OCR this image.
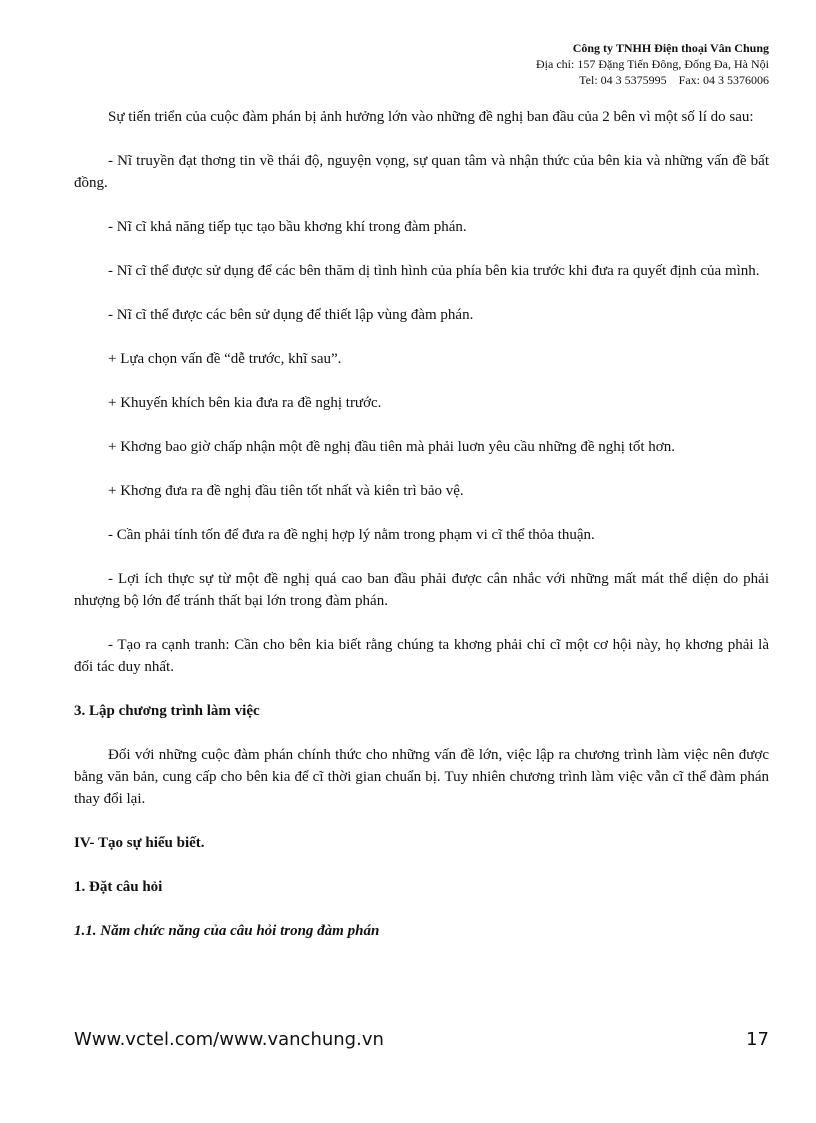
Công ty TNHH Điện thoại Vân Chung
Địa chỉ: 157 Đặng Tiến Đông, Đống Đa, Hà Nội
Tel: 04 3 5375995    Fax: 04 3 5376006

Sự tiến triển của cuộc đàm phán bị ảnh hưởng lớn vào những đề nghị ban đầu của 2 bên vì một số lí do sau:

- Nĩ truyền đạt thơng tin về thái độ, nguyện vọng, sự quan tâm và nhận thức của bên kia và những vấn đề bất đồng.

- Nĩ cĩ khả năng tiếp tục tạo bầu khơng khí trong đàm phán.

- Nĩ cĩ thể được sử dụng để các bên thăm dị tình hình của phía bên kia trước khi đưa ra quyết định của mình.

- Nĩ cĩ thể được các bên sử dụng để thiết lập vùng đàm phán.

+ Lựa chọn vấn đề “dễ trước, khĩ sau”.

+ Khuyến khích bên kia đưa ra đề nghị trước.

+ Khơng bao giờ chấp nhận một đề nghị đầu tiên mà phải luơn yêu cầu những đề nghị tốt hơn.

+ Khơng đưa ra đề nghị đầu tiên tốt nhất và kiên trì bảo vệ.

- Cần phải tính tốn để đưa ra đề nghị hợp lý nằm trong phạm vi cĩ thể thỏa thuận.

- Lợi ích thực sự từ một đề nghị quá cao ban đầu phải được cân nhắc với những mất mát thể diện do phải nhượng bộ lớn để tránh thất bại lớn trong đàm phán.

- Tạo ra cạnh tranh: Cần cho bên kia biết rằng chúng ta khơng phải chỉ cĩ một cơ hội này, họ khơng phải là đối tác duy nhất.

3. Lập chương trình làm việc

Đối với những cuộc đàm phán chính thức cho những vấn đề lớn, việc lập ra chương trình làm việc nên được bằng văn bản, cung cấp cho bên kia để cĩ thời gian chuẩn bị. Tuy nhiên chương trình làm việc vẫn cĩ thể đàm phán thay đổi lại.

IV- Tạo sự hiểu biết.

1. Đặt câu hỏi

1.1. Năm chức năng của câu hỏi trong đàm phán

Www.vctel.com/www.vanchung.vn	17
